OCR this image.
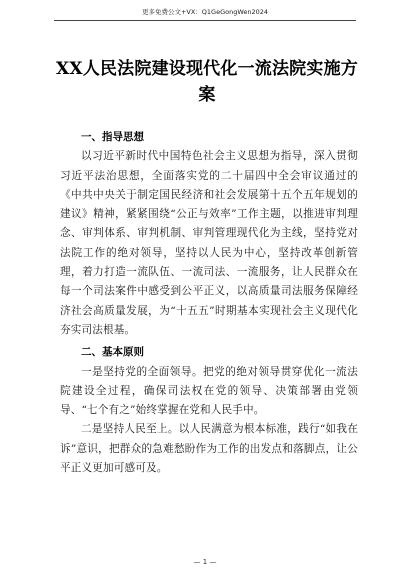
更多免费公文+VX：Q1GeGongWen2024
XX人民法院建设现代化一流法院实施方案

一、指导思想

以习近平新时代中国特色社会主义思想为指导，深入贯彻习近平法治思想，全面落实党的二十届四中全会审议通过的《中共中央关于制定国民经济和社会发展第十五个五年规划的建议》精神，紧紧围绕“公正与效率”工作主题，以推进审判理念、审判体系、审判机制、审判管理现代化为主线，坚持党对法院工作的绝对领导，坚持以人民为中心，坚持改革创新管理，着力打造一流队伍、一流司法、一流服务，让人民群众在每一个司法案件中感受到公平正义，以高质量司法服务保障经济社会高质量发展，为“十五五”时期基本实现社会主义现代化夯实司法根基。

二、基本原则

一是坚持党的全面领导。把党的绝对领导贯穿优化一流法院建设全过程，确保司法权在党的领导、决策部署由党领导、“七个有之”始终掌握在党和人民手中。

二是坚持人民至上。以人民满意为根本标准，践行“如我在诉”意识，把群众的急难愁盼作为工作的出发点和落脚点，让公平正义更加可感可及。

— 1 —
